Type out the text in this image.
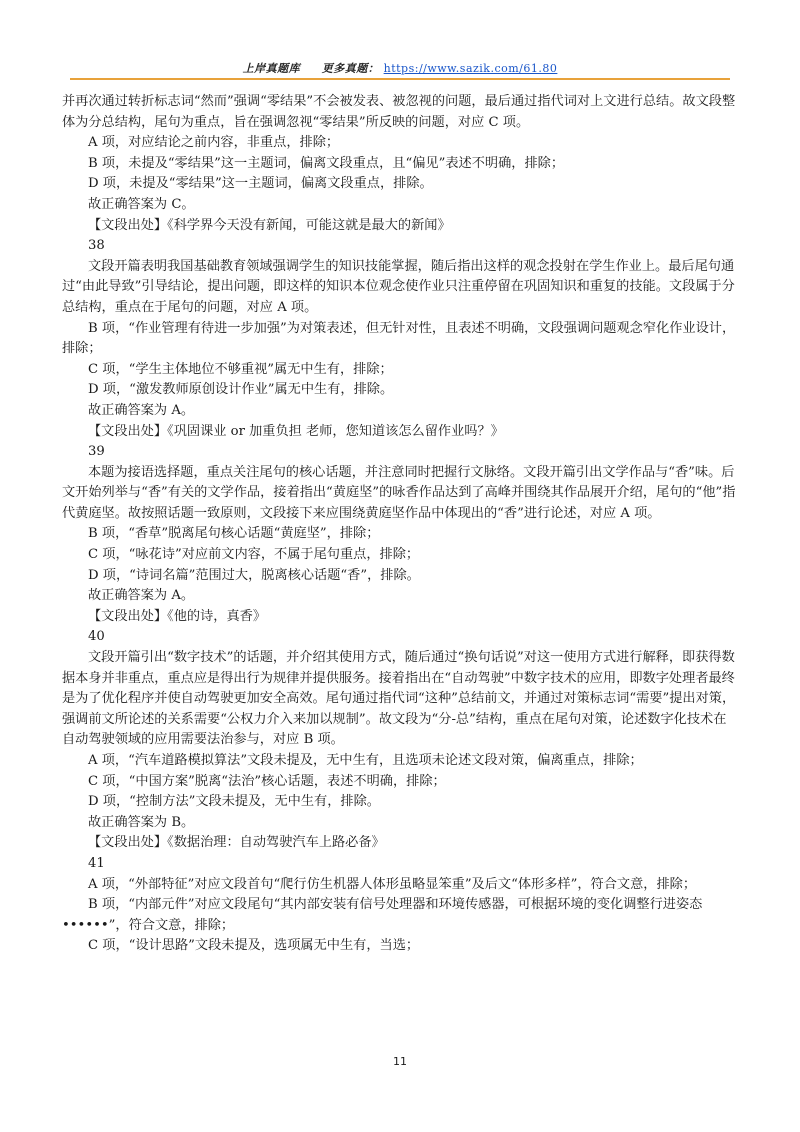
上岸真题库 更多真题： https://www.sazik.com/61.80

并再次通过转折标志词“然而”强调“零结果”不会被发表、被忽视的问题，最后通过指代词对上文进行总结。故文段整体为分总结构，尾句为重点，旨在强调忽视“零结果”所反映的问题，对应 C 项。

A 项，对应结论之前内容，非重点，排除；

B 项，未提及“零结果”这一主题词，偏离文段重点，且“偏见”表述不明确，排除；

D 项，未提及“零结果”这一主题词，偏离文段重点，排除。

故正确答案为 C。

【文段出处】《科学界今天没有新闻，可能这就是最大的新闻》

38

文段开篇表明我国基础教育领域强调学生的知识技能掌握，随后指出这样的观念投射在学生作业上。最后尾句通过“由此导致”引导结论，提出问题，即这样的知识本位观念使作业只注重停留在巩固知识和重复的技能。文段属于分总结构，重点在于尾句的问题，对应 A 项。

B 项，“作业管理有待进一步加强”为对策表述，但无针对性，且表述不明确，文段强调问题观念窄化作业设计，排除；

C 项，“学生主体地位不够重视”属无中生有，排除；

D 项，“激发教师原创设计作业”属无中生有，排除。

故正确答案为 A。

【文段出处】《巩固课业 or 加重负担 老师，您知道该怎么留作业吗？》

39

本题为接语选择题，重点关注尾句的核心话题，并注意同时把握行文脉络。文段开篇引出文学作品与“香”味。后文开始列举与“香”有关的文学作品，接着指出“黄庭坚”的咏香作品达到了高峰并围绕其作品展开介绍，尾句的“他”指代黄庭坚。故按照话题一致原则，文段接下来应围绕黄庭坚作品中体现出的“香”进行论述，对应 A 项。

B 项，“香草”脱离尾句核心话题“黄庭坚”，排除；

C 项，“咏花诗”对应前文内容，不属于尾句重点，排除；

D 项，“诗词名篇”范围过大，脱离核心话题“香”，排除。

故正确答案为 A。

【文段出处】《他的诗，真香》

40

文段开篇引出“数字技术”的话题，并介绍其使用方式，随后通过“换句话说”对这一使用方式进行解释，即获得数据本身并非重点，重点应是得出行为规律并提供服务。接着指出在“自动驾驶”中数字技术的应用，即数字处理者最终是为了优化程序并使自动驾驶更加安全高效。尾句通过指代词“这种”总结前文，并通过对策标志词“需要”提出对策，强调前文所论述的关系需要“公权力介入来加以规制”。故文段为“分-总”结构，重点在尾句对策，论述数字化技术在自动驾驶领域的应用需要法治参与，对应 B 项。

A 项，“汽车道路模拟算法”文段未提及，无中生有，且选项未论述文段对策，偏离重点，排除；

C 项，“中国方案”脱离“法治”核心话题，表述不明确，排除；

D 项，“控制方法”文段未提及，无中生有，排除。

故正确答案为 B。

【文段出处】《数据治理：自动驾驶汽车上路必备》

41

A 项，“外部特征”对应文段首句“爬行仿生机器人体形虽略显笨重”及后文“体形多样”，符合文意，排除；

B 项，“内部元件”对应文段尾句“其内部安装有信号处理器和环境传感器，可根据环境的变化调整行进姿态••••••”，符合文意，排除；

C 项，“设计思路”文段未提及，选项属无中生有，当选；

11
